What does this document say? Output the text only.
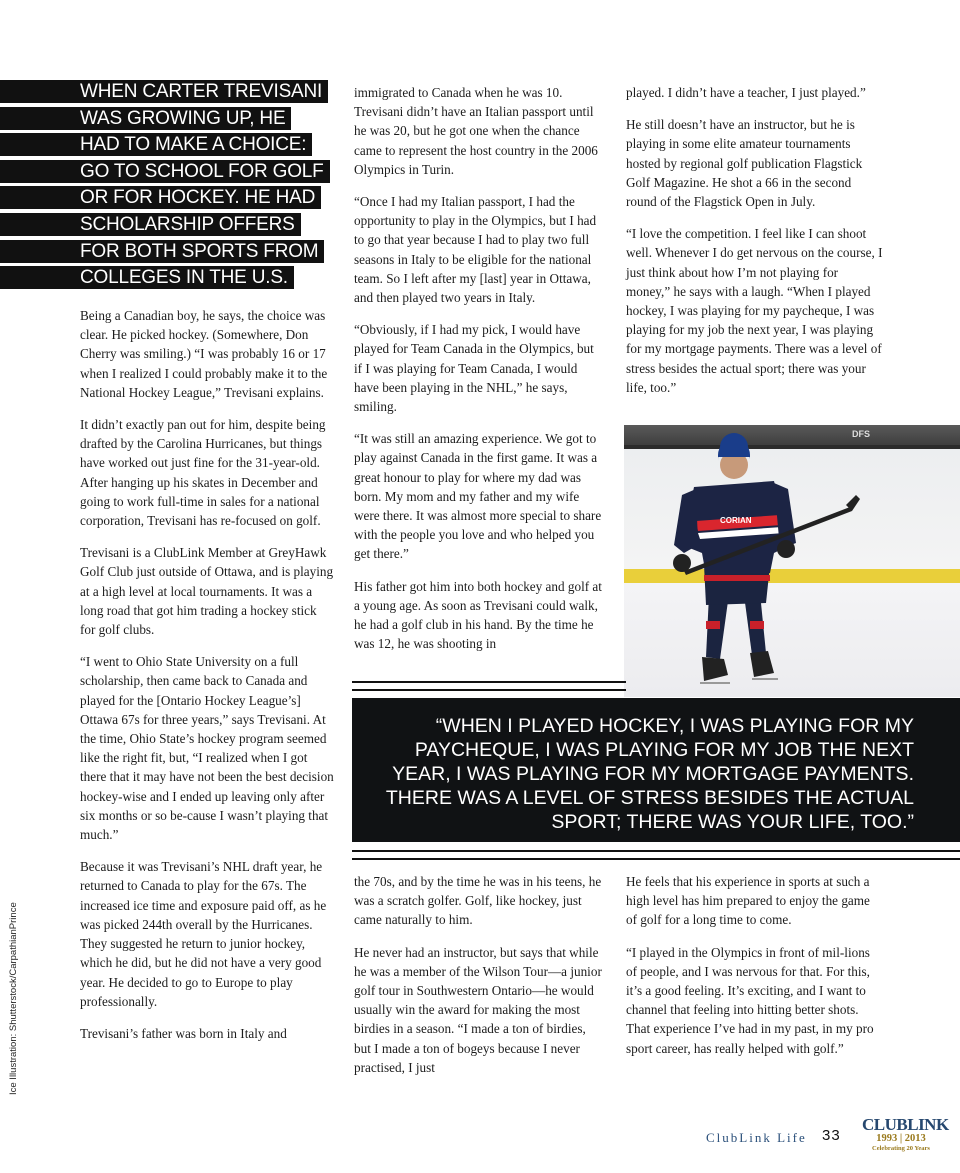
WHEN CARTER TREVISANI
WAS GROWING UP, HE
HAD TO MAKE A CHOICE:
GO TO SCHOOL FOR GOLF
OR FOR HOCKEY. HE HAD
SCHOLARSHIP OFFERS
FOR BOTH SPORTS FROM
COLLEGES IN THE U.S.

Being a Canadian boy, he says, the choice was clear. He picked hockey. (Somewhere, Don Cherry was smiling.) “I was probably 16 or 17 when I realized I could probably make it to the National Hockey League,” Trevisani explains.

It didn’t exactly pan out for him, despite being drafted by the Carolina Hurricanes, but things have worked out just fine for the 31-year-old. After hanging up his skates in December and going to work full-time in sales for a national corporation, Trevisani has re-focused on golf.

Trevisani is a ClubLink Member at GreyHawk Golf Club just outside of Ottawa, and is playing at a high level at local tournaments. It was a long road that got him trading a hockey stick for golf clubs.

“I went to Ohio State University on a full scholarship, then came back to Canada and played for the [Ontario Hockey League’s] Ottawa 67s for three years,” says Trevisani. At the time, Ohio State’s hockey program seemed like the right fit, but, “I realized when I got there that it may have not been the best decision hockey-wise and I ended up leaving only after six months or so be-cause I wasn’t playing that much.”

Because it was Trevisani’s NHL draft year, he returned to Canada to play for the 67s. The increased ice time and exposure paid off, as he was picked 244th overall by the Hurricanes. They suggested he return to junior hockey, which he did, but he did not have a very good year. He decided to go to Europe to play professionally.

Trevisani’s father was born in Italy and

immigrated to Canada when he was 10. Trevisani didn’t have an Italian passport until he was 20, but he got one when the chance came to represent the host country in the 2006 Olympics in Turin.

“Once I had my Italian passport, I had the opportunity to play in the Olympics, but I had to go that year because I had to play two full seasons in Italy to be eligible for the national team. So I left after my [last] year in Ottawa, and then played two years in Italy.

“Obviously, if I had my pick, I would have played for Team Canada in the Olympics, but if I was playing for Team Canada, I would have been playing in the NHL,” he says, smiling.

“It was still an amazing experience. We got to play against Canada in the first game. It was a great honour to play for where my dad was born. My mom and my father and my wife were there. It was almost more special to share with the people you love and who helped you get there.”

His father got him into both hockey and golf at a young age. As soon as Trevisani could walk, he had a golf club in his hand. By the time he was 12, he was shooting in

played. I didn’t have a teacher, I just played.”

He still doesn’t have an instructor, but he is playing in some elite amateur tournaments hosted by regional golf publication Flagstick Golf Magazine. He shot a 66 in the second round of the Flagstick Open in July.

“I love the competition. I feel like I can shoot well. Whenever I do get nervous on the course, I just think about how I’m not playing for money,” he says with a laugh. “When I played hockey, I was playing for my paycheque, I was playing for my job the next year, I was playing for my mortgage payments. There was a level of stress besides the actual sport; there was your life, too.”

DFS
CORIAN
“WHEN I PLAYED HOCKEY, I WAS PLAYING FOR MY PAYCHEQUE, I WAS PLAYING FOR MY JOB THE NEXT YEAR, I WAS PLAYING FOR MY MORTGAGE PAYMENTS. THERE WAS A LEVEL OF STRESS BESIDES THE ACTUAL SPORT; THERE WAS YOUR LIFE, TOO.”

the 70s, and by the time he was in his teens, he was a scratch golfer. Golf, like hockey, just came naturally to him.

He never had an instructor, but says that while he was a member of the Wilson Tour—a junior golf tour in Southwestern Ontario—he would usually win the award for making the most birdies in a season. “I made a ton of birdies, but I made a ton of bogeys because I never practised, I just

He feels that his experience in sports at such a high level has him prepared to enjoy the game of golf for a long time to come.

“I played in the Olympics in front of mil-lions of people, and I was nervous for that. For this, it’s a good feeling. It’s exciting, and I want to channel that feeling into hitting better shots. That experience I’ve had in my past, in my pro sport career, has really helped with golf.”

Ice Illustration: Shutterstock/CarpathianPrince
ClubLink Life 33
CLUBLINK
1993 | 2013
Celebrating 20 Years
